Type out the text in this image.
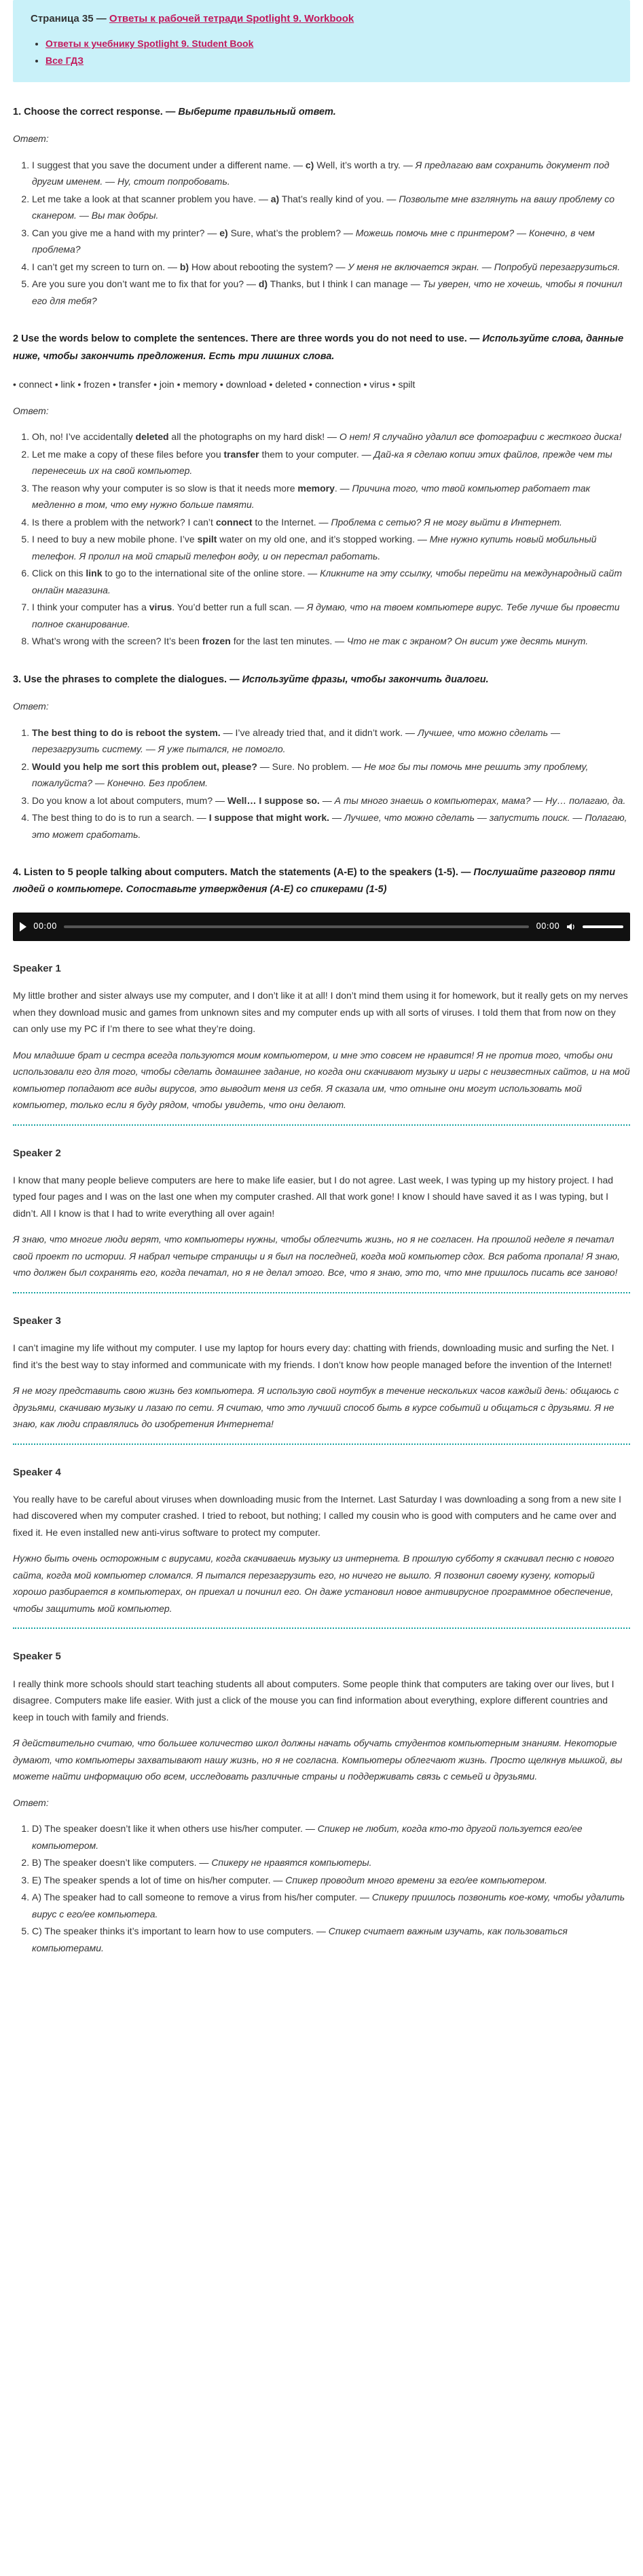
Страница 35 — Ответы к рабочей тетради Spotlight 9. Workbook
• Ответы к учебнику Spotlight 9. Student Book
• Все ГДЗ
1. Choose the correct response. — Выберите правильный ответ.
Ответ:
1. I suggest that you save the document under a different name. — c) Well, it’s worth a try. — Я предлагаю вам сохранить документ под другим именем. — Ну, стоит попробовать.
2. Let me take a look at that scanner problem you have. — a) That’s really kind of you. — Позвольте мне взглянуть на вашу проблему со сканером. — Вы так добры.
3. Can you give me a hand with my printer? — e) Sure, what’s the problem? — Можешь помочь мне с принтером? — Конечно, в чем проблема?
4. I can’t get my screen to turn on. — b) How about rebooting the system? — У меня не включается экран. — Попробуй перезагрузиться.
5. Are you sure you don’t want me to fix that for you? — d) Thanks, but I think I can manage — Ты уверен, что не хочешь, чтобы я починил его для тебя?
2 Use the words below to complete the sentences. There are three words you do not need to use. — Используйте слова, данные ниже, чтобы закончить предложения. Есть три лишних слова.
• connect • link • frozen • transfer • join • memory • download • deleted • connection • virus • spilt
Ответ:
1. Oh, no! I’ve accidentally deleted all the photographs on my hard disk! — О нет! Я случайно удалил все фотографии с жесткого диска!
2. Let me make a copy of these files before you transfer them to your computer. — Дай-ка я сделаю копии этих файлов, прежде чем ты перенесешь их на свой компьютер.
3. The reason why your computer is so slow is that it needs more memory. — Причина того, что твой компьютер работает так медленно в том, что ему нужно больше памяти.
4. Is there a problem with the network? I can’t connect to the Internet. — Проблема с сетью? Я не могу выйти в Интернет.
5. I need to buy a new mobile phone. I’ve spilt water on my old one, and it’s stopped working. — Мне нужно купить новый мобильный телефон. Я пролил на мой старый телефон воду, и он перестал работать.
6. Click on this link to go to the international site of the online store. — Кликните на эту ссылку, чтобы перейти на международный сайт онлайн магазина.
7. I think your computer has a virus. You’d better run a full scan. — Я думаю, что на твоем компьютере вирус. Тебе лучше бы провести полное сканирование.
8. What’s wrong with the screen? It’s been frozen for the last ten minutes. — Что не так с экраном? Он висит уже десять минут.
3. Use the phrases to complete the dialogues. — Используйте фразы, чтобы закончить диалоги.
Ответ:
1. The best thing to do is reboot the system. — I’ve already tried that, and it didn’t work. — Лучшее, что можно сделать — перезагрузить систему. — Я уже пытался, не помогло.
2. Would you help me sort this problem out, please? — Sure. No problem. — Не мог бы ты помочь мне решить эту проблему, пожалуйста? — Конечно. Без проблем.
3. Do you know a lot about computers, mum? — Well… I suppose so. — А ты много знаешь о компьютерах, мама? — Ну… полагаю, да.
4. The best thing to do is to run a search. — I suppose that might work. — Лучшее, что можно сделать — запустить поиск. — Полагаю, это может сработать.
4. Listen to 5 people talking about computers. Match the statements (A-E) to the speakers (1-5). — Послушайте разговор пяти людей о компьютере. Сопоставьте утверждения (A-E) со спикерами (1-5)
00:00	00:00
Speaker 1

My little brother and sister always use my computer, and I don’t like it at all! I don’t mind them using it for homework, but it really gets on my nerves when they download music and games from unknown sites and my computer ends up with all sorts of viruses. I told them that from now on they can only use my PC if I’m there to see what they’re doing.

Мои младшие брат и сестра всегда пользуются моим компьютером, и мне это совсем не нравится! Я не против того, чтобы они использовали его для того, чтобы сделать домашнее задание, но когда они скачивают музыку и игры с неизвестных сайтов, и на мой компьютер попадают все виды вирусов, это выводит меня из себя. Я сказала им, что отныне они могут использовать мой компьютер, только если я буду рядом, чтобы увидеть, что они делают.

Speaker 2

I know that many people believe computers are here to make life easier, but I do not agree. Last week, I was typing up my history project. I had typed four pages and I was on the last one when my computer crashed. All that work gone! I know I should have saved it as I was typing, but I didn’t. All I know is that I had to write everything all over again!

Я знаю, что многие люди верят, что компьютеры нужны, чтобы облегчить жизнь, но я не согласен. На прошлой неделе я печатал свой проект по истории. Я набрал четыре страницы и я был на последней, когда мой компьютер сдох. Вся работа пропала! Я знаю, что должен был сохранять его, когда печатал, но я не делал этого. Все, что я знаю, это то, что мне пришлось писать все заново!

Speaker 3

I can’t imagine my life without my computer. I use my laptop for hours every day: chatting with friends, downloading music and surfing the Net. I find it’s the best way to stay informed and communicate with my friends. I don’t know how people managed before the invention of the Internet!

Я не могу представить свою жизнь без компьютера. Я использую свой ноутбук в течение нескольких часов каждый день: общаюсь с друзьями, скачиваю музыку и лазаю по сети. Я считаю, что это лучший способ быть в курсе событий и общаться с друзьями. Я не знаю, как люди справлялись до изобретения Интернета!

Speaker 4

You really have to be careful about viruses when downloading music from the Internet. Last Saturday I was downloading a song from a new site I had discovered when my computer crashed. I tried to reboot, but nothing; I called my cousin who is good with computers and he came over and fixed it. He even installed new anti-virus software to protect my computer.

Нужно быть очень осторожным с вирусами, когда скачиваешь музыку из интернета. В прошлую субботу я скачивал песню с нового сайта, когда мой компьютер сломался. Я пытался перезагрузить его, но ничего не вышло. Я позвонил своему кузену, который хорошо разбирается в компьютерах, он приехал и починил его. Он даже установил новое антивирусное программное обеспечение, чтобы защитить мой компьютер.

Speaker 5

I really think more schools should start teaching students all about computers. Some people think that computers are taking over our lives, but I disagree. Computers make life easier. With just a click of the mouse you can find information about everything, explore different countries and keep in touch with family and friends.

Я действительно считаю, что большее количество школ должны начать обучать студентов компьютерным знаниям. Некоторые думают, что компьютеры захватывают нашу жизнь, но я не согласна. Компьютеры облегчают жизнь. Просто щелкнув мышкой, вы можете найти информацию обо всем, исследовать различные страны и поддерживать связь с семьей и друзьями.

Ответ:
1. D) The speaker doesn’t like it when others use his/her computer. — Спикер не любит, когда кто-то другой пользуется его/ее компьютером.
2. B) The speaker doesn’t like computers. — Спикеру не нравятся компьютеры.
3. E) The speaker spends a lot of time on his/her computer. — Спикер проводит много времени за его/ее компьютером.
4. A) The speaker had to call someone to remove a virus from his/her computer. — Спикеру пришлось позвонить кое-кому, чтобы удалить вирус с его/ее компьютера.
5. C) The speaker thinks it’s important to learn how to use computers. — Спикер считает важным изучать, как пользоваться компьютерами.
